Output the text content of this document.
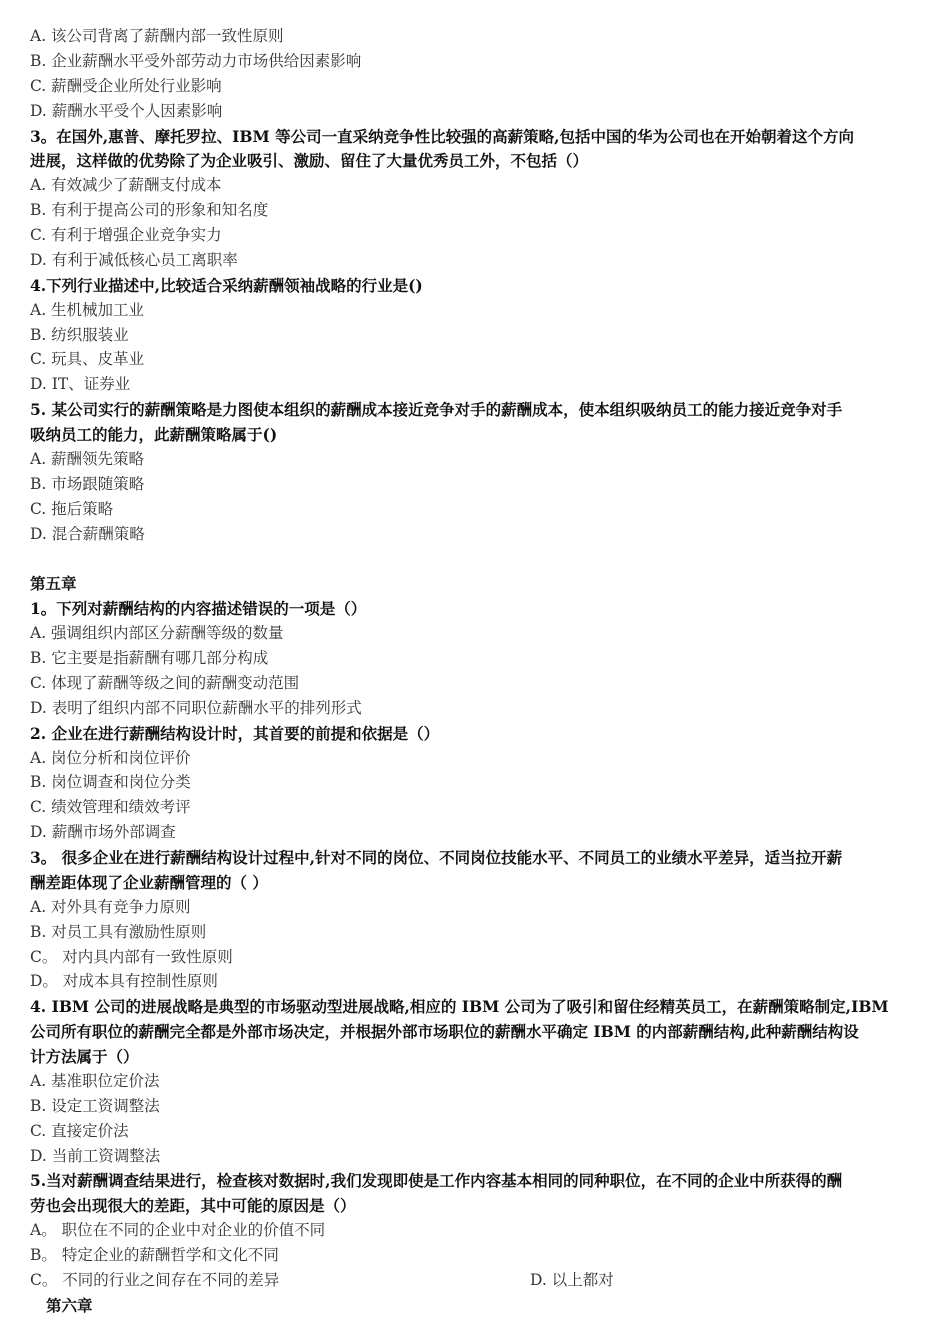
A. 该公司背离了薪酬内部一致性原则
B. 企业薪酬水平受外部劳动力市场供给因素影响
C. 薪酬受企业所处行业影响
D. 薪酬水平受个人因素影响
3。在国外,惠普、摩托罗拉、IBM 等公司一直采纳竞争性比较强的高薪策略,包括中国的华为公司也在开始朝着这个方向
进展，这样做的优势除了为企业吸引、激励、留住了大量优秀员工外，不包括（）
A. 有效减少了薪酬支付成本
B. 有利于提高公司的形象和知名度
C. 有利于增强企业竞争实力
D. 有利于减低核心员工离职率
4.下列行业描述中,比较适合采纳薪酬领袖战略的行业是()
A. 生机械加工业
B. 纺织服装业
C. 玩具、皮革业
D. IT、证券业
5. 某公司实行的薪酬策略是力图使本组织的薪酬成本接近竞争对手的薪酬成本，使本组织吸纳员工的能力接近竞争对手
吸纳员工的能力，此薪酬策略属于()
A. 薪酬领先策略
B. 市场跟随策略
C. 拖后策略
D. 混合薪酬策略
第五章
1。下列对薪酬结构的内容描述错误的一项是（）
A. 强调组织内部区分薪酬等级的数量
B. 它主要是指薪酬有哪几部分构成
C. 体现了薪酬等级之间的薪酬变动范围
D. 表明了组织内部不同职位薪酬水平的排列形式
2. 企业在进行薪酬结构设计时，其首要的前提和依据是（）
A. 岗位分析和岗位评价
B. 岗位调查和岗位分类
C. 绩效管理和绩效考评
D. 薪酬市场外部调查
3。 很多企业在进行薪酬结构设计过程中,针对不同的岗位、不同岗位技能水平、不同员工的业绩水平差异，适当拉开薪
酬差距体现了企业薪酬管理的（ ）
A. 对外具有竞争力原则
B. 对员工具有激励性原则
C。 对内具内部有一致性原则
D。 对成本具有控制性原则
4. IBM 公司的进展战略是典型的市场驱动型进展战略,相应的 IBM 公司为了吸引和留住经精英员工，在薪酬策略制定,IBM
公司所有职位的薪酬完全都是外部市场决定，并根据外部市场职位的薪酬水平确定 IBM 的内部薪酬结构,此种薪酬结构设
计方法属于（）
A. 基准职位定价法
B. 设定工资调整法
C. 直接定价法
D. 当前工资调整法
5.当对薪酬调查结果进行，检查核对数据时,我们发现即使是工作内容基本相同的同种职位，在不同的企业中所获得的酬
劳也会出现很大的差距，其中可能的原因是（）
A。 职位在不同的企业中对企业的价值不同
B。 特定企业的薪酬哲学和文化不同
C。 不同的行业之间存在不同的差异
第六章
D. 以上都对
